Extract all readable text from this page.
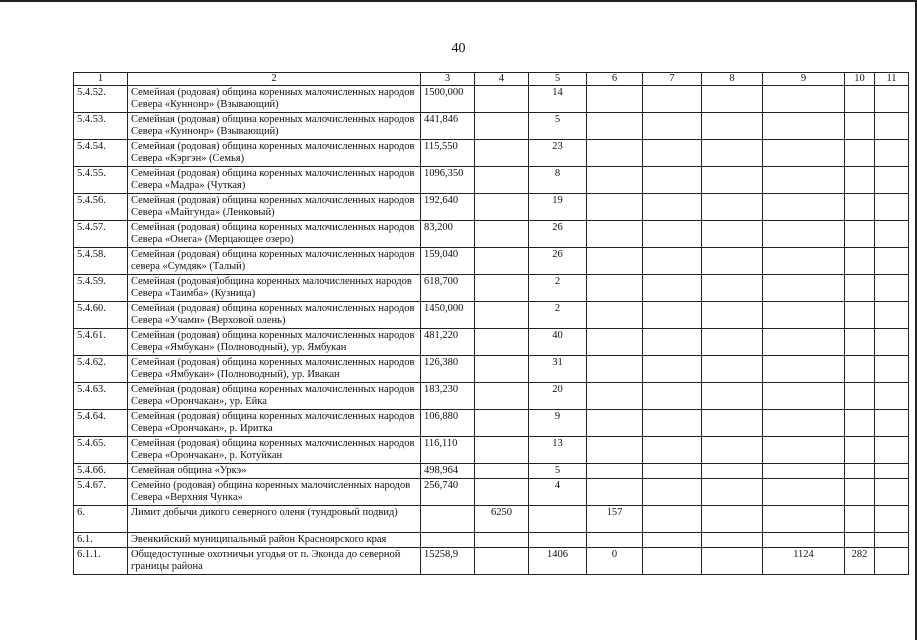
40
1	2	3	4	5	6	7	8	9	10	11
5.4.52.	Семейная (родовая) община коренных малочисленных народов Севера «Куннонр» (Взывающий)	1500,000		14						
5.4.53.	Семейная (родовая) община коренных малочисленных народов Севера «Куннонр» (Взывающий)	441,846		5						
5.4.54.	Семейная (родовая) община коренных малочисленных народов Севера «Кэргэн» (Семья)	115,550		23						
5.4.55.	Семейная (родовая) община коренных малочисленных народов Севера «Мадра» (Чуткая)	1096,350		8						
5.4.56.	Семейная (родовая) община коренных малочисленных народов Севера «Майгунда» (Ленковый)	192,640		19						
5.4.57.	Семейная (родовая) община коренных малочисленных народов Севера «Онега» (Мерцающее озеро)	83,200		26						
5.4.58.	Семейная (родовая) община коренных малочисленных народов севера «Сумдяк» (Талый)	159,040		26						
5.4.59.	Семейная (родовая)община коренных малочисленных народов Севера «Таимба» (Кузница)	618,700		2						
5.4.60.	Семейная (родовая) община коренных малочисленных народов Севера «Учами» (Верховой олень)	1450,000		2						
5.4.61.	Семейная (родовая) община коренных малочисленных народов Севера «Ямбукан» (Полноводный), ур. Ямбукан	481,220		40						
5.4.62.	Семейная (родовая) община коренных малочисленных народов Севера «Ямбукан» (Полноводный), ур. Ивакан	126,380		31						
5.4.63.	Семейная (родовая) община коренных малочисленных народов Севера «Орончакан», ур. Ейка	183,230		20						
5.4.64.	Семейная (родовая) община коренных малочисленных народов Севера «Орончакан», р. Иритка	106,880		9						
5.4.65.	Семейная (родовая) община коренных малочисленных народов Севера «Орончакан», р. Котуйкан	116,110		13						
5.4.66.	Семейная община «Уркэ»	498,964		5						
5.4.67.	Семейно (родовая) община коренных малочисленных народов Севера «Верхняя Чунка»	256,740		4						
6.	Лимит добычи дикого северного оленя (тундровый подвид)		6250		157					
6.1.	Эвенкийский муниципальный район Красноярского края									
6.1.1.	Общедоступные охотничьи угодья от п. Эконда до северной границы района	15258,9		1406	0			1124	282	
